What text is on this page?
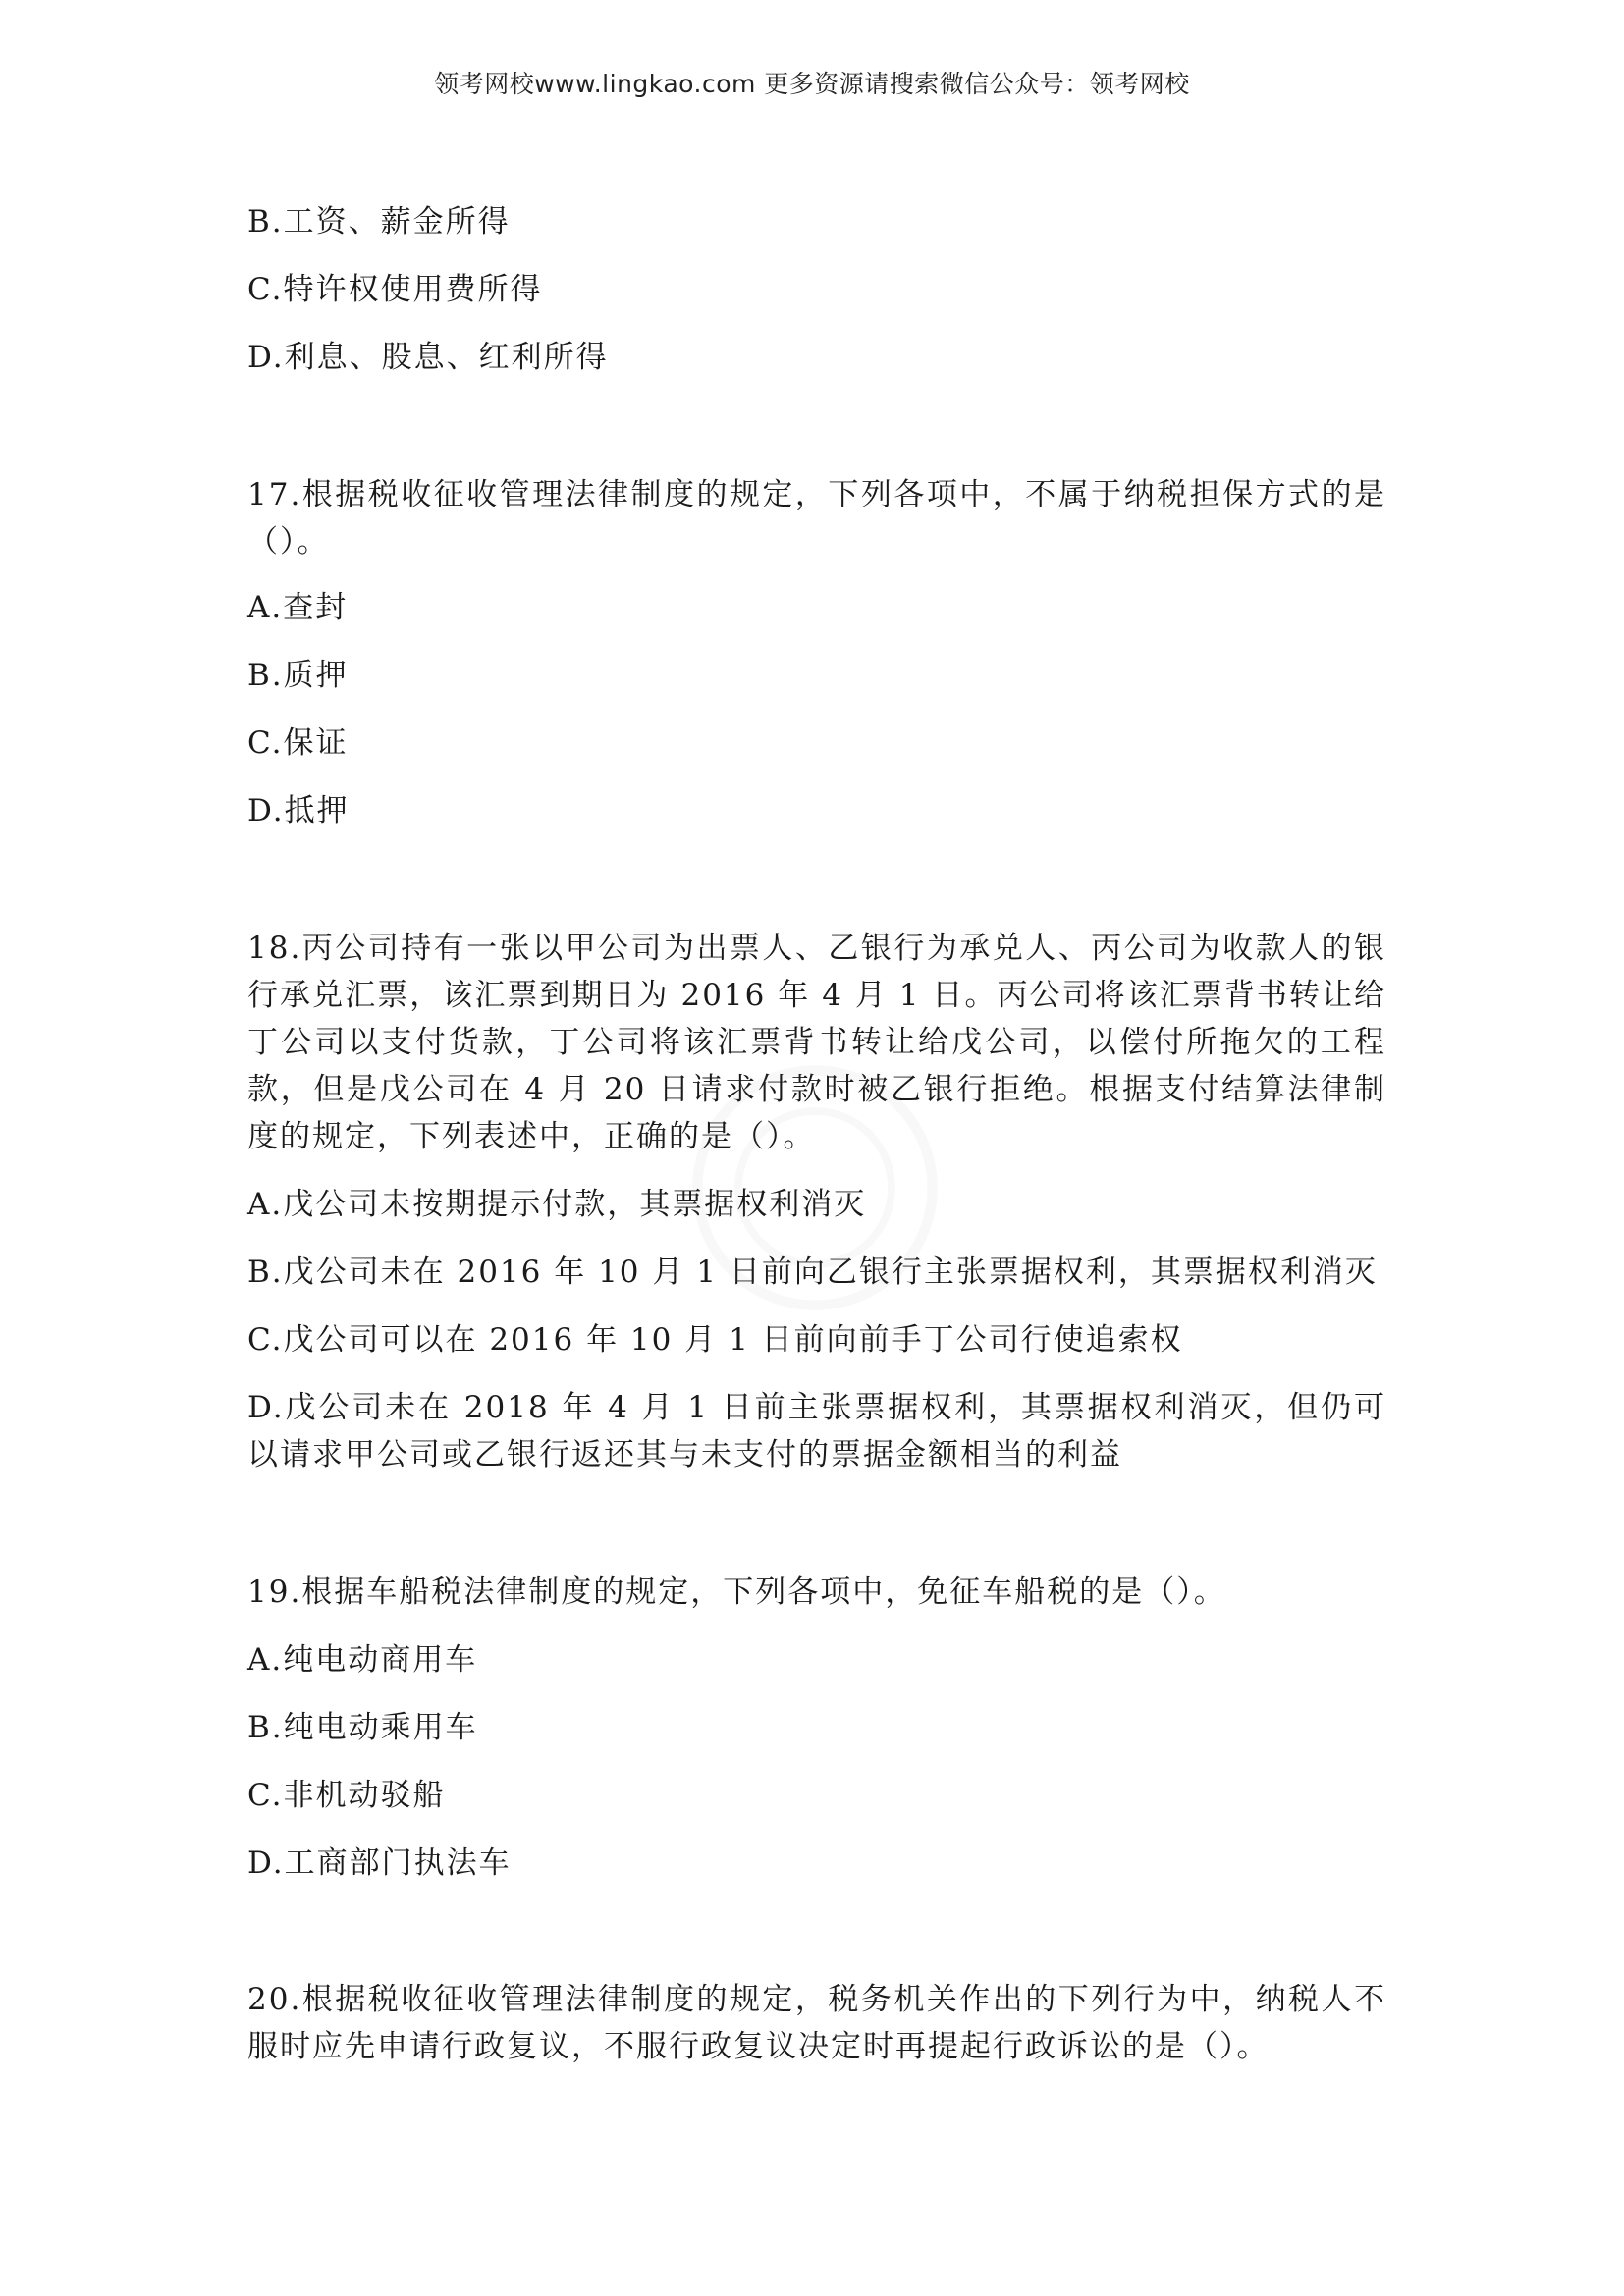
领考网校www.lingkao.com 更多资源请搜索微信公众号：领考网校
B.工资、薪金所得
C.特许权使用费所得
D.利息、股息、红利所得
17.根据税收征收管理法律制度的规定，下列各项中，不属于纳税担保方式的是（）。
A.查封
B.质押
C.保证
D.抵押
18.丙公司持有一张以甲公司为出票人、乙银行为承兑人、丙公司为收款人的银行承兑汇票，该汇票到期日为 2016 年 4 月 1 日。丙公司将该汇票背书转让给丁公司以支付货款，丁公司将该汇票背书转让给戊公司，以偿付所拖欠的工程款，但是戊公司在 4 月 20 日请求付款时被乙银行拒绝。根据支付结算法律制度的规定，下列表述中，正确的是（）。
A.戊公司未按期提示付款，其票据权利消灭
B.戊公司未在 2016 年 10 月 1 日前向乙银行主张票据权利，其票据权利消灭
C.戊公司可以在 2016 年 10 月 1 日前向前手丁公司行使追索权
D.戊公司未在 2018 年 4 月 1 日前主张票据权利，其票据权利消灭，但仍可以请求甲公司或乙银行返还其与未支付的票据金额相当的利益
19.根据车船税法律制度的规定，下列各项中，免征车船税的是（）。
A.纯电动商用车
B.纯电动乘用车
C.非机动驳船
D.工商部门执法车
20.根据税收征收管理法律制度的规定，税务机关作出的下列行为中，纳税人不服时应先申请行政复议，不服行政复议决定时再提起行政诉讼的是（）。
